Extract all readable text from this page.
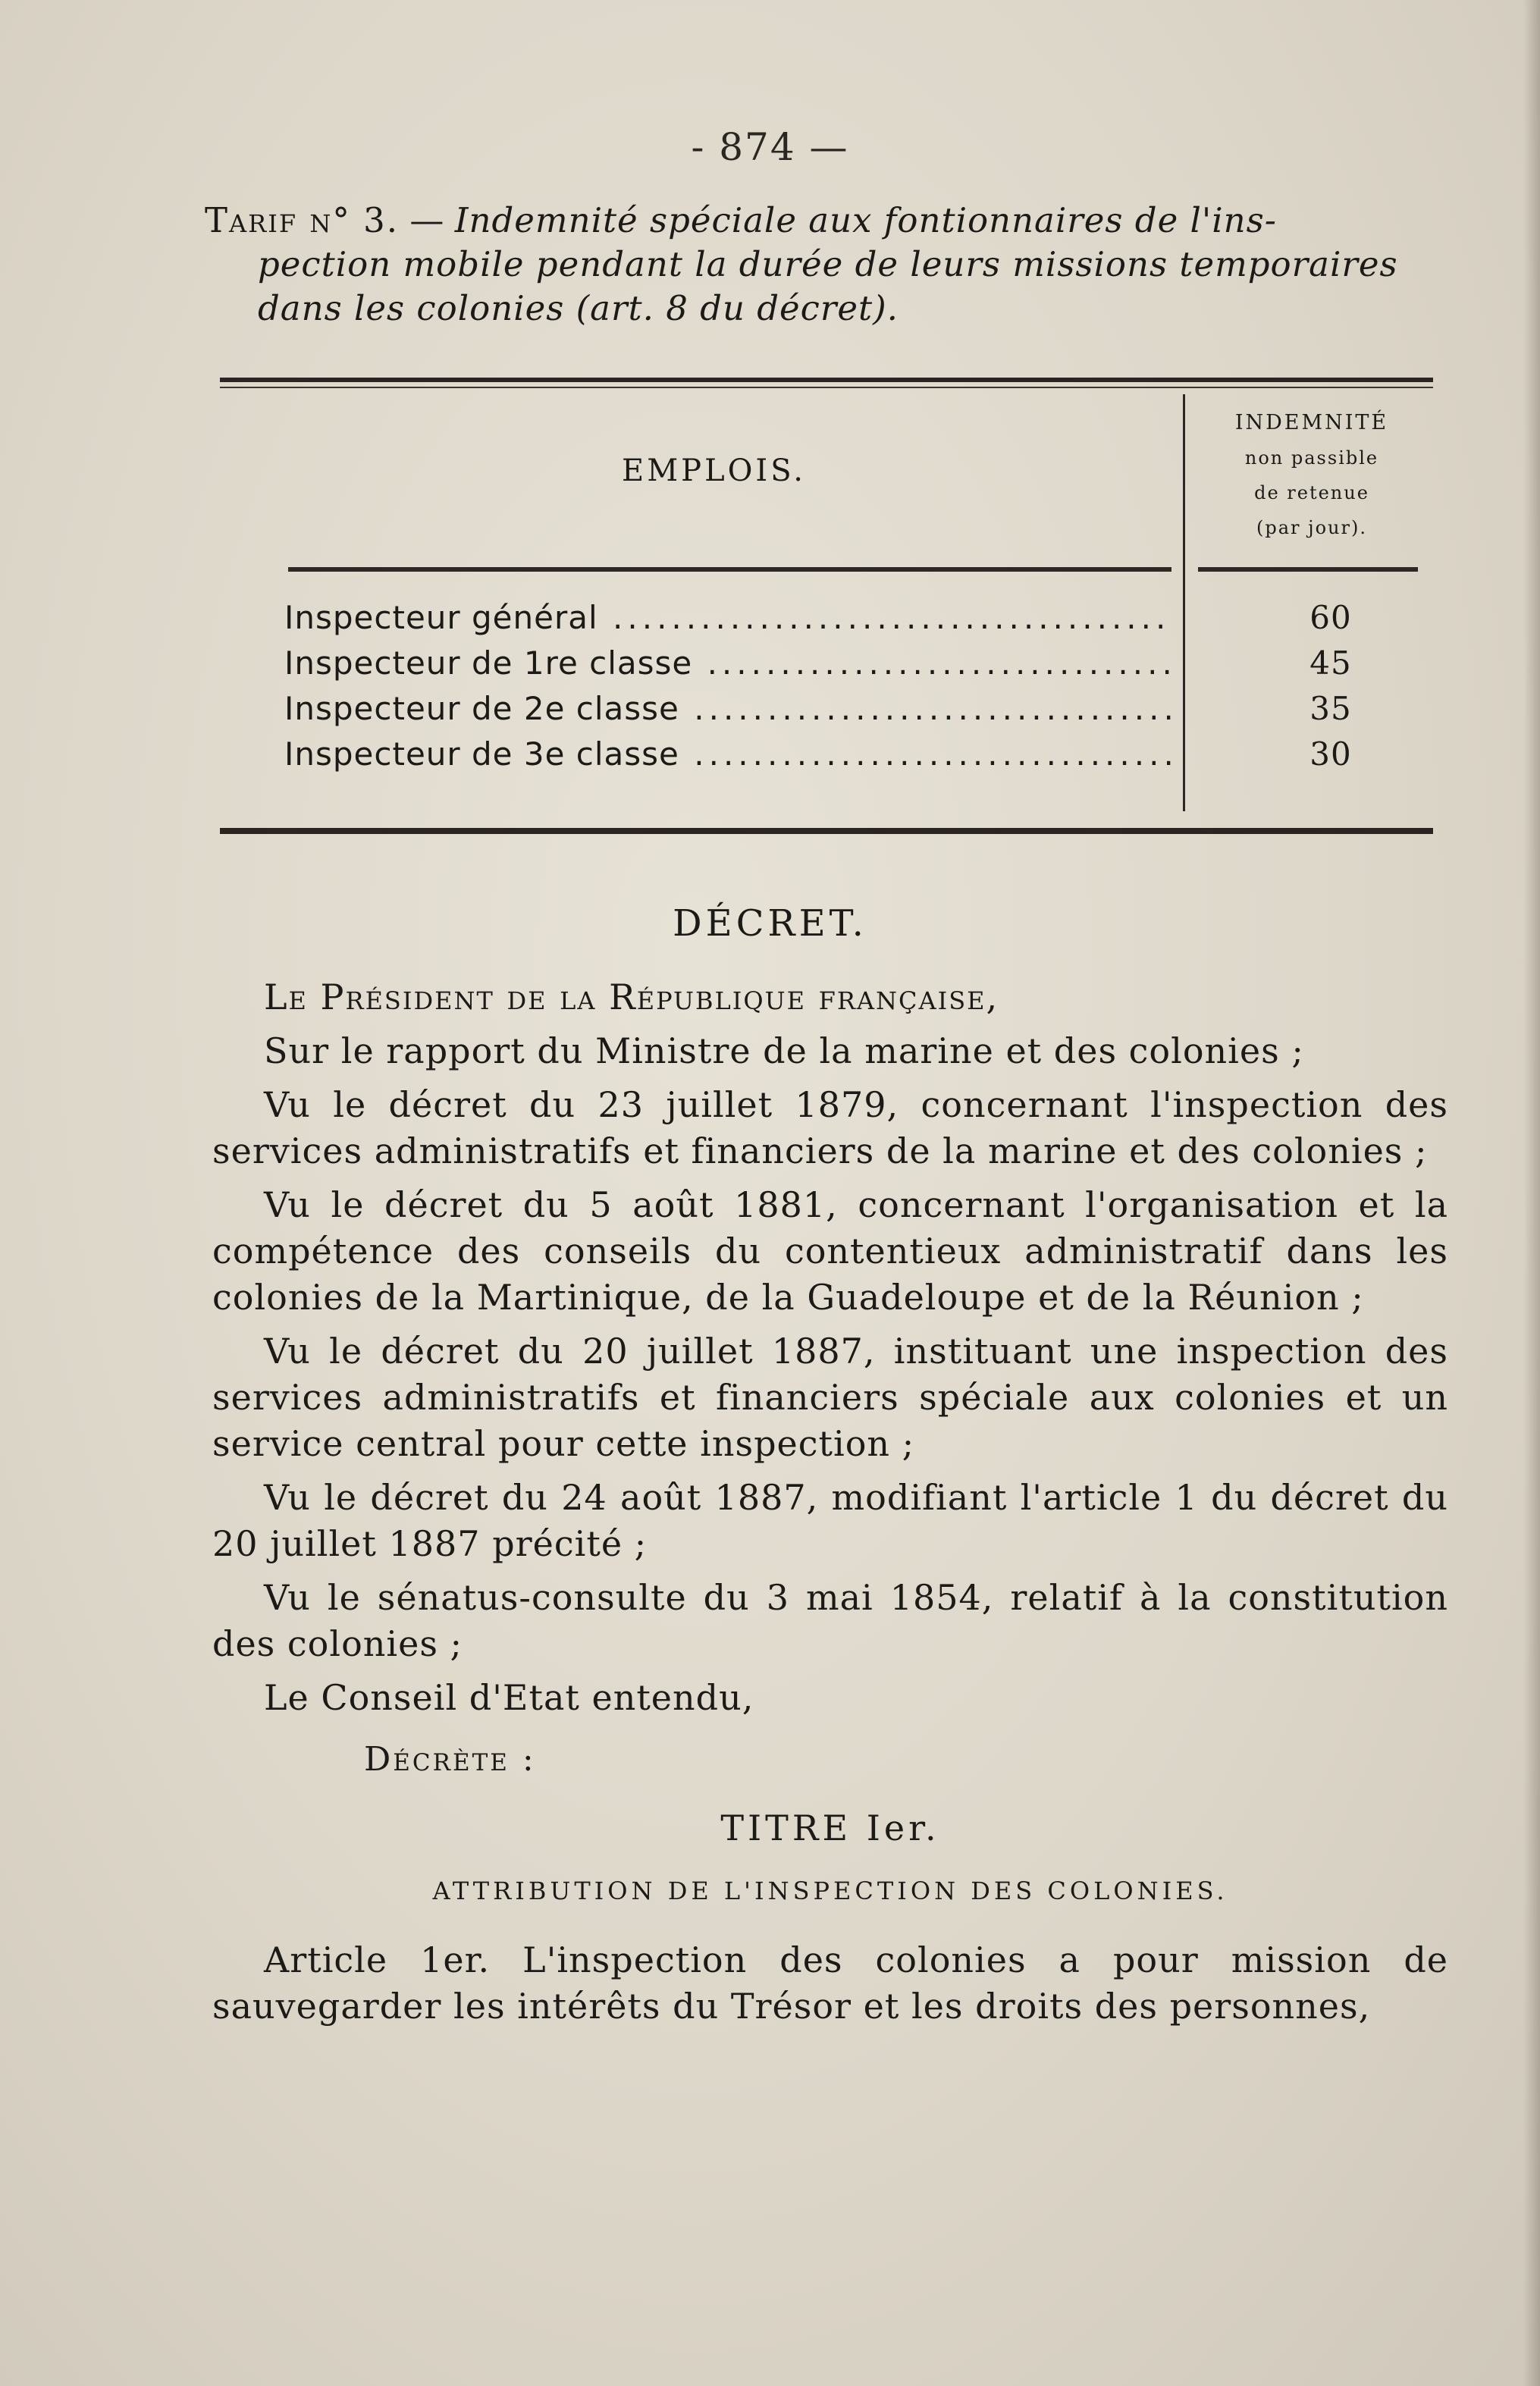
- 874 —
Tarif n° 3. — Indemnité spéciale aux fontionnaires de l'ins-
pection mobile pendant la durée de leurs missions temporaires
dans les colonies (art. 8 du décret).
EMPLOIS.
INDEMNITÉ
non passible
de retenue
(par jour).
Inspecteur général .....	60
Inspecteur de 1re classe .....	45
Inspecteur de 2e classe .....	35
Inspecteur de 3e classe .....	30
DÉCRET.

Le Président de la République française,

Sur le rapport du Ministre de la marine et des colonies ;

Vu le décret du 23 juillet 1879, concernant l'inspection des services administratifs et financiers de la marine et des colonies ;

Vu le décret du 5 août 1881, concernant l'organisation et la compétence des conseils du contentieux administratif dans les colonies de la Martinique, de la Guadeloupe et de la Réunion ;

Vu le décret du 20 juillet 1887, instituant une inspection des services administratifs et financiers spéciale aux colonies et un service central pour cette inspection ;

Vu le décret du 24 août 1887, modifiant l'article 1 du décret du 20 juillet 1887 précité ;

Vu le sénatus-consulte du 3 mai 1854, relatif à la constitution des colonies ;

Le Conseil d'Etat entendu,

Décrète :

TITRE Ier.

ATTRIBUTION DE L'INSPECTION DES COLONIES.

Article 1er. L'inspection des colonies a pour mission de sauvegarder les intérêts du Trésor et les droits des personnes,
